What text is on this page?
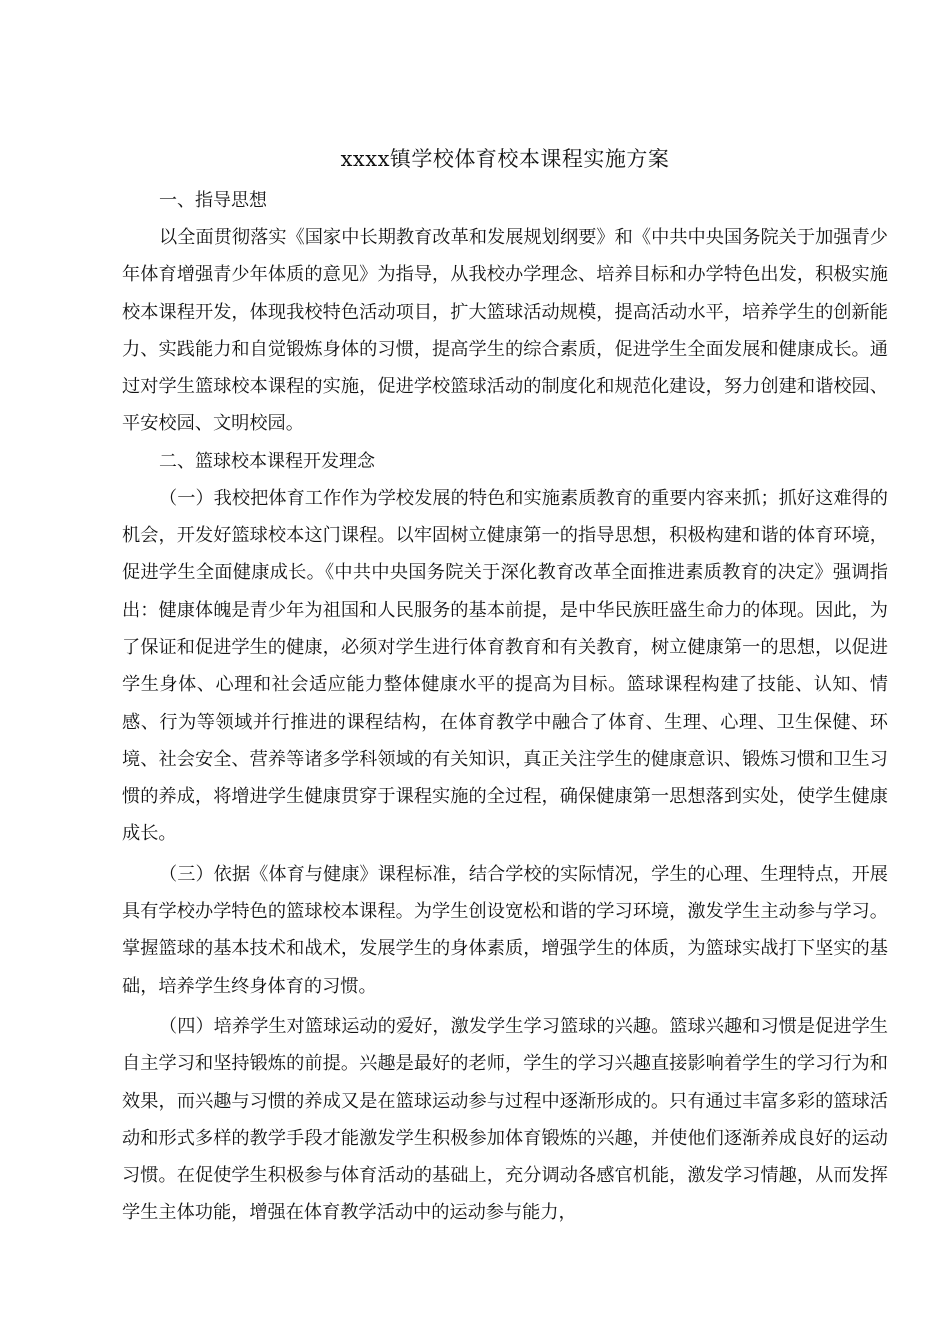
xxxx镇学校体育校本课程实施方案
一、指导思想

以全面贯彻落实《国家中长期教育改革和发展规划纲要》和《中共中央国务院关于加强青少年体育增强青少年体质的意见》为指导，从我校办学理念、培养目标和办学特色出发，积极实施校本课程开发，体现我校特色活动项目，扩大篮球活动规模，提高活动水平，培养学生的创新能力、实践能力和自觉锻炼身体的习惯，提高学生的综合素质，促进学生全面发展和健康成长。通过对学生篮球校本课程的实施，促进学校篮球活动的制度化和规范化建设，努力创建和谐校园、平安校园、文明校园。

二、篮球校本课程开发理念

（一）我校把体育工作作为学校发展的特色和实施素质教育的重要内容来抓；抓好这难得的机会，开发好篮球校本这门课程。以牢固树立健康第一的指导思想，积极构建和谐的体育环境，促进学生全面健康成长。《中共中央国务院关于深化教育改革全面推进素质教育的决定》强调指出：健康体魄是青少年为祖国和人民服务的基本前提，是中华民族旺盛生命力的体现。因此，为了保证和促进学生的健康，必须对学生进行体育教育和有关教育，树立健康第一的思想，以促进学生身体、心理和社会适应能力整体健康水平的提高为目标。篮球课程构建了技能、认知、情感、行为等领域并行推进的课程结构，在体育教学中融合了体育、生理、心理、卫生保健、环境、社会安全、营养等诸多学科领域的有关知识，真正关注学生的健康意识、锻炼习惯和卫生习惯的养成，将增进学生健康贯穿于课程实施的全过程，确保健康第一思想落到实处，使学生健康成长。

（三）依据《体育与健康》课程标准，结合学校的实际情况，学生的心理、生理特点，开展具有学校办学特色的篮球校本课程。为学生创设宽松和谐的学习环境，激发学生主动参与学习。掌握篮球的基本技术和战术，发展学生的身体素质，增强学生的体质，为篮球实战打下坚实的基础，培养学生终身体育的习惯。

（四）培养学生对篮球运动的爱好，激发学生学习篮球的兴趣。篮球兴趣和习惯是促进学生自主学习和坚持锻炼的前提。兴趣是最好的老师，学生的学习兴趣直接影响着学生的学习行为和效果，而兴趣与习惯的养成又是在篮球运动参与过程中逐渐形成的。只有通过丰富多彩的篮球活动和形式多样的教学手段才能激发学生积极参加体育锻炼的兴趣，并使他们逐渐养成良好的运动习惯。在促使学生积极参与体育活动的基础上，充分调动各感官机能，激发学习情趣，从而发挥学生主体功能，增强在体育教学活动中的运动参与能力，
